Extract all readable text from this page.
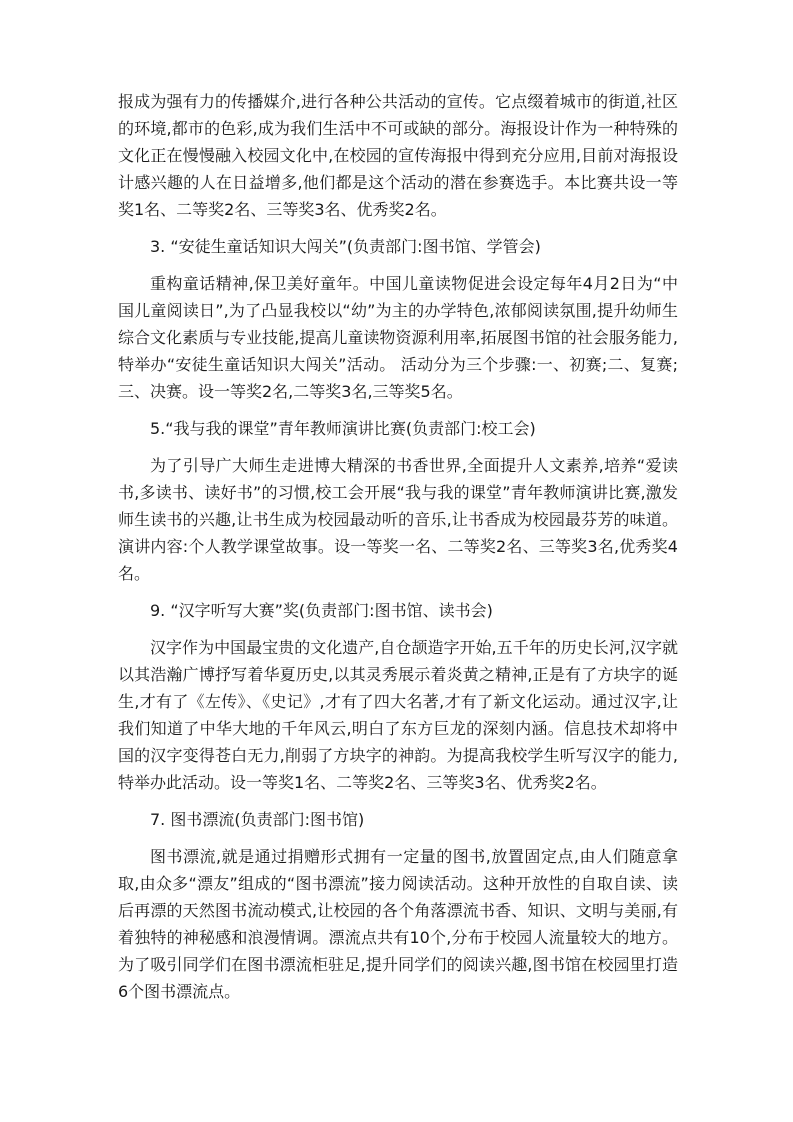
报成为强有力的传播媒介,进行各种公共活动的宣传。它点缀着城市的街道,社区的环境,都市的色彩,成为我们生活中不可或缺的部分。海报设计作为一种特殊的文化正在慢慢融入校园文化中,在校园的宣传海报中得到充分应用,目前对海报设计感兴趣的人在日益增多,他们都是这个活动的潜在参赛选手。本比赛共设一等奖1名、二等奖2名、三等奖3名、优秀奖2名。

3. “安徒生童话知识大闯关”(负责部门:图书馆、学管会)

重构童话精神,保卫美好童年。中国儿童读物促进会设定每年4月2日为“中国儿童阅读日”,为了凸显我校以“幼”为主的办学特色,浓郁阅读氛围,提升幼师生综合文化素质与专业技能,提高儿童读物资源利用率,拓展图书馆的社会服务能力,特举办“安徒生童话知识大闯关”活动。 活动分为三个步骤:一、初赛;二、复赛;三、决赛。设一等奖2名,二等奖3名,三等奖5名。

5.“我与我的课堂”青年教师演讲比赛(负责部门:校工会)

为了引导广大师生走进博大精深的书香世界,全面提升人文素养,培养“爱读书,多读书、读好书”的习惯,校工会开展“我与我的课堂”青年教师演讲比赛,激发师生读书的兴趣,让书生成为校园最动听的音乐,让书香成为校园最芬芳的味道。演讲内容:个人教学课堂故事。设一等奖一名、二等奖2名、三等奖3名,优秀奖4名。

9. “汉字听写大赛”奖(负责部门:图书馆、读书会)

汉字作为中国最宝贵的文化遗产,自仓颉造字开始,五千年的历史长河,汉字就以其浩瀚广博抒写着华夏历史,以其灵秀展示着炎黄之精神,正是有了方块字的诞生,才有了《左传》、《史记》,才有了四大名著,才有了新文化运动。通过汉字,让我们知道了中华大地的千年风云,明白了东方巨龙的深刻内涵。信息技术却将中国的汉字变得苍白无力,削弱了方块字的神韵。为提高我校学生听写汉字的能力,特举办此活动。设一等奖1名、二等奖2名、三等奖3名、优秀奖2名。

7. 图书漂流(负责部门:图书馆)

图书漂流,就是通过捐赠形式拥有一定量的图书,放置固定点,由人们随意拿取,由众多“漂友”组成的“图书漂流”接力阅读活动。这种开放性的自取自读、读后再漂的天然图书流动模式,让校园的各个角落漂流书香、知识、文明与美丽,有着独特的神秘感和浪漫情调。漂流点共有10个,分布于校园人流量较大的地方。为了吸引同学们在图书漂流柜驻足,提升同学们的阅读兴趣,图书馆在校园里打造6个图书漂流点。
